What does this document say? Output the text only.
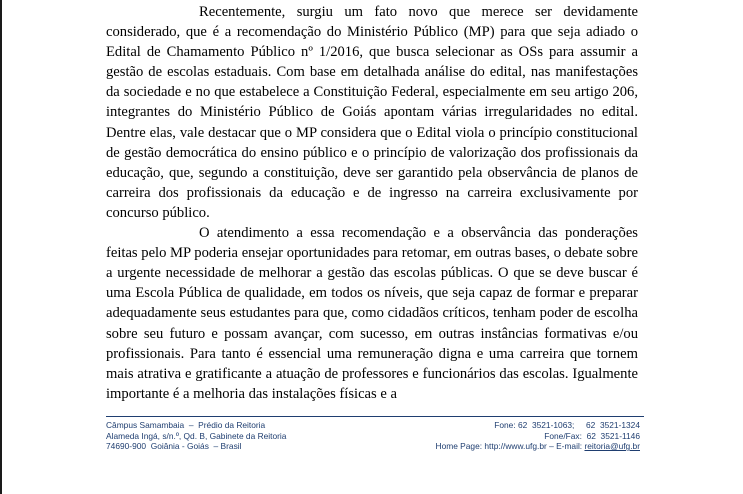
Recentemente, surgiu um fato novo que merece ser devidamente considerado, que é a recomendação do Ministério Público (MP) para que seja adiado o Edital de Chamamento Público nº 1/2016, que busca selecionar as OSs para assumir a gestão de escolas estaduais. Com base em detalhada análise do edital, nas manifestações da sociedade e no que estabelece a Constituição Federal, especialmente em seu artigo 206, integrantes do Ministério Público de Goiás apontam várias irregularidades no edital. Dentre elas, vale destacar que o MP considera que o Edital viola o princípio constitucional de gestão democrática do ensino público e o princípio de valorização dos profissionais da educação, que, segundo a constituição, deve ser garantido pela observância de planos de carreira dos profissionais da educação e de ingresso na carreira exclusivamente por concurso público.

O atendimento a essa recomendação e a observância das ponderações feitas pelo MP poderia ensejar oportunidades para retomar, em outras bases, o debate sobre a urgente necessidade de melhorar a gestão das escolas públicas. O que se deve buscar é uma Escola Pública de qualidade, em todos os níveis, que seja capaz de formar e preparar adequadamente seus estudantes para que, como cidadãos críticos, tenham poder de escolha sobre seu futuro e possam avançar, com sucesso, em outras instâncias formativas e/ou profissionais. Para tanto é essencial uma remuneração digna e uma carreira que tornem mais atrativa e gratificante a atuação de professores e funcionários das escolas. Igualmente importante é a melhoria das instalações físicas e a

Câmpus Samambaia  –  Prédio da Reitoria	Fone: 62  3521-1063;     62  3521-1324
Alameda Ingá, s/n.º, Qd. B, Gabinete da Reitoria	Fone/Fax:  62  3521-1146
74690-900  Goiânia - Goiás  – Brasil	Home Page: http://www.ufg.br – E-mail: reitoria@ufg.br
